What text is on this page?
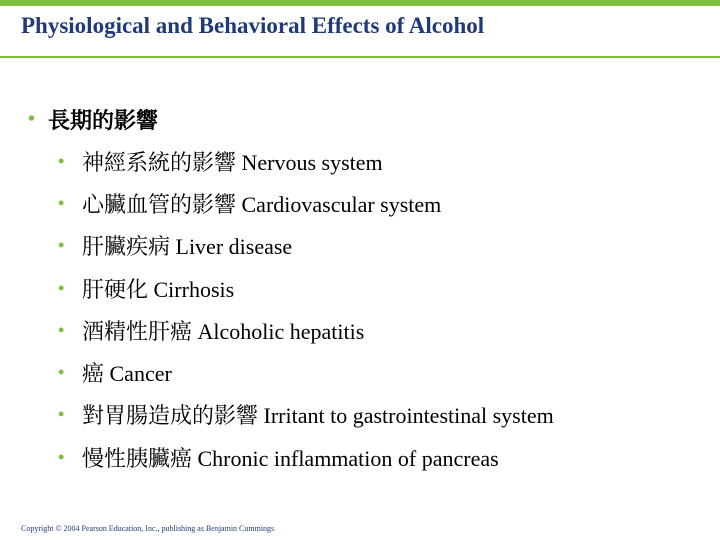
Physiological and Behavioral Effects of Alcohol
• 長期的影響
• 神經系統的影響 Nervous system
• 心臟血管的影響 Cardiovascular system
• 肝臟疾病 Liver disease
• 肝硬化 Cirrhosis
• 酒精性肝癌 Alcoholic hepatitis
• 癌 Cancer
• 對胃腸造成的影響 Irritant to gastrointestinal system
• 慢性胰臟癌 Chronic inflammation of pancreas
Copyright © 2004 Pearson Education, Inc., publishing as Benjamin Cummings
